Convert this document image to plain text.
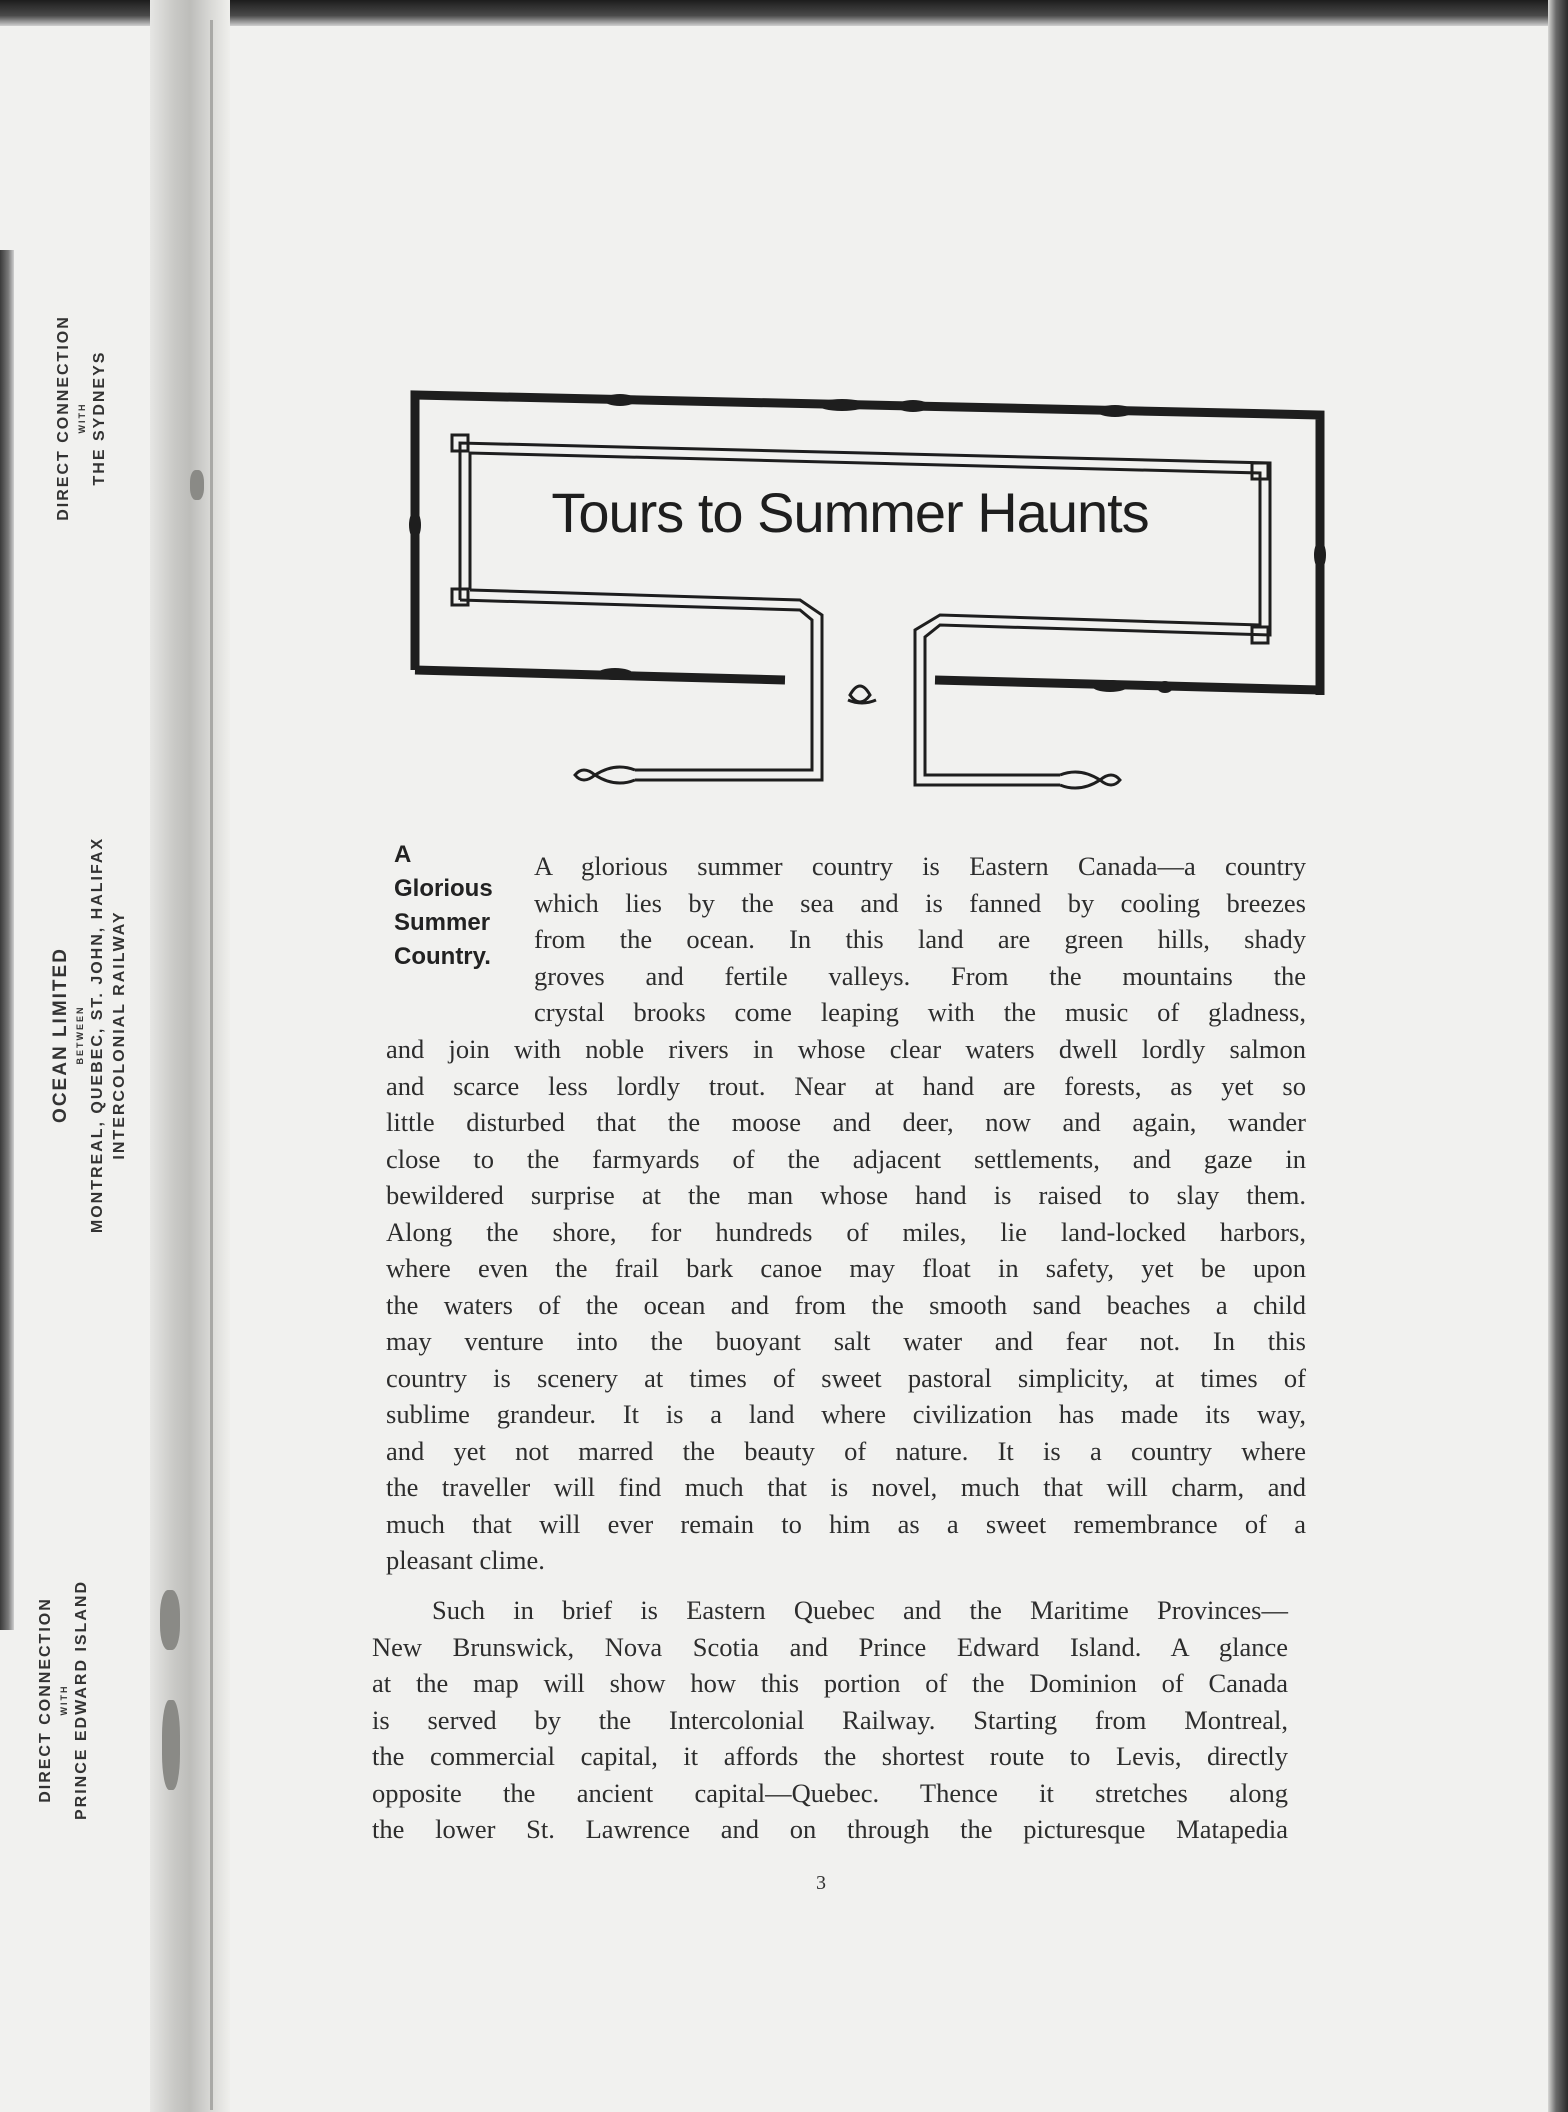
DIRECT CONNECTION WITH THE SYDNEYS
OCEAN LIMITED BETWEEN MONTREAL, QUEBEC, ST. JOHN, HALIFAX INTERCOLONIAL RAILWAY
DIRECT CONNECTION WITH PRINCE EDWARD ISLAND
Tours to Summer Haunts
A
Glorious
Summer
Country.
A glorious summer country is Eastern Canada—a country
which lies by the sea and is fanned by cooling breezes
from the ocean. In this land are green hills, shady
groves and fertile valleys. From the mountains the
crystal brooks come leaping with the music of gladness,
and join with noble rivers in whose clear waters dwell lordly salmon
and scarce less lordly trout. Near at hand are forests, as yet so
little disturbed that the moose and deer, now and again, wander
close to the farmyards of the adjacent settlements, and gaze in
bewildered surprise at the man whose hand is raised to slay them.
Along the shore, for hundreds of miles, lie land-locked harbors,
where even the frail bark canoe may float in safety, yet be upon
the waters of the ocean and from the smooth sand beaches a child
may venture into the buoyant salt water and fear not. In this
country is scenery at times of sweet pastoral simplicity, at times of
sublime grandeur. It is a land where civilization has made its way,
and yet not marred the beauty of nature. It is a country where
the traveller will find much that is novel, much that will charm, and
much that will ever remain to him as a sweet remembrance of a
pleasant clime.
Such in brief is Eastern Quebec and the Maritime Provinces—
New Brunswick, Nova Scotia and Prince Edward Island. A glance
at the map will show how this portion of the Dominion of Canada
is served by the Intercolonial Railway. Starting from Montreal,
the commercial capital, it affords the shortest route to Levis, directly
opposite the ancient capital—Quebec. Thence it stretches along
the lower St. Lawrence and on through the picturesque Matapedia
3
